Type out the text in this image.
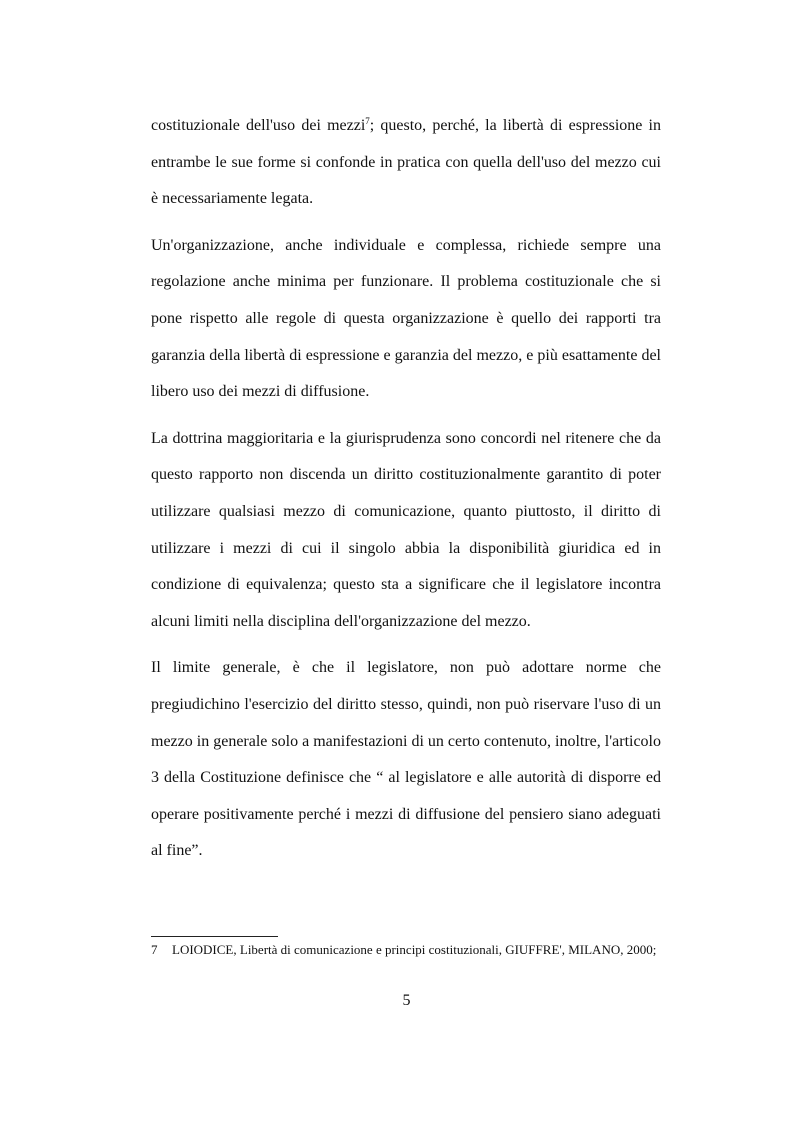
costituzionale dell'uso dei mezzi$^7$; questo, perché, la libertà di espressione in entrambe le sue forme si confonde in pratica con quella dell'uso del mezzo cui è necessariamente legata.

Un'organizzazione, anche individuale e complessa, richiede sempre una regolazione anche minima per funzionare. Il problema costituzionale che si pone rispetto alle regole di questa organizzazione è quello dei rapporti tra garanzia della libertà di espressione e garanzia del mezzo, e più esattamente del libero uso dei mezzi di diffusione.

La dottrina maggioritaria e la giurisprudenza sono concordi nel ritenere che da questo rapporto non discenda un diritto costituzionalmente garantito di poter utilizzare qualsiasi mezzo di comunicazione, quanto piuttosto, il diritto di utilizzare i mezzi di cui il singolo abbia la disponibilità giuridica ed in condizione di equivalenza; questo sta a significare che il legislatore incontra alcuni limiti nella disciplina dell'organizzazione del mezzo.

Il limite generale, è che il legislatore, non può adottare norme che pregiudichino l'esercizio del diritto stesso, quindi, non può riservare l'uso di un mezzo in generale solo a manifestazioni di un certo contenuto, inoltre, l'articolo 3 della Costituzione definisce che “ al legislatore e alle autorità di disporre ed operare positivamente perché i mezzi di diffusione del pensiero siano adeguati al fine”.

7 LOIODICE, Libertà di comunicazione e principi costituzionali, GIUFFRE', MILANO, 2000;
5
